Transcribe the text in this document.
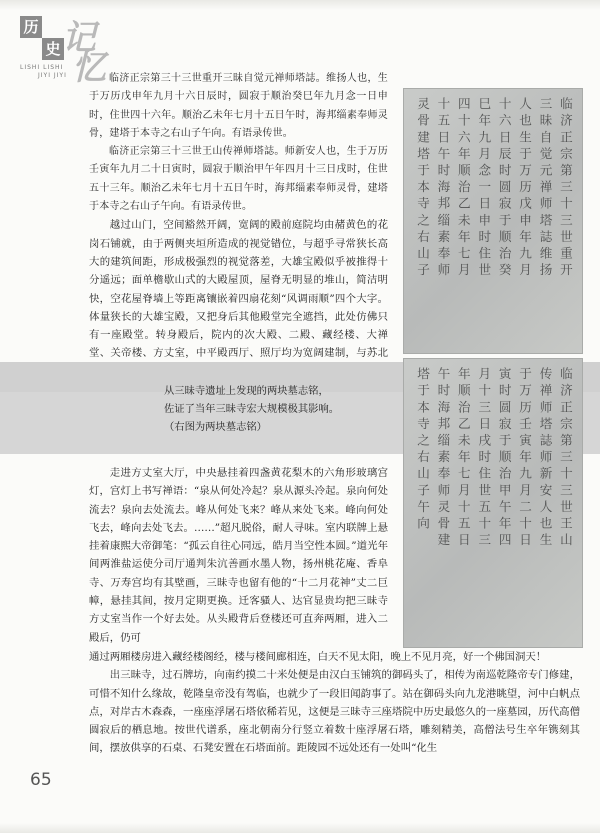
历
史 记
忆
LISHI LISHI
JIYI JIYI	临济正宗第三十三世重开三昧自觉元禅师塔誌。维扬人也，生于万历戊申年九月十六日辰时，圆寂于顺治癸巳年九月念一日申时，住世四十六年。顺治乙未年七月十五日午时，海邦缁素奉师灵骨，建塔于本寺之右山子午向。有语录传世。

临济正宗第三十三世王山传禅师塔誌。师新安人也，生于万历壬寅年九月二十日寅时，圆寂于顺治甲午年四月十三日戌时，住世五十三年。顺治乙未年七月十五日午时，海邦缁素奉师灵骨，建塔于本寺之右山子午向。有语录传世。

越过山门，空间豁然开阔，宽阔的殿前庭院均由赭黄色的花岗石铺就，由于两侧夹垣所造成的视觉错位，与超乎寻常狭长高大的建筑间距，形成极强烈的视觉落差，大雄宝殿似乎被推得十分遥远；面单檐歇山式的大殿屋顶，屋脊无明显的堆山，简洁明快，空花屋脊墙上等距离镶嵌着四扇花刻“风调雨顺”四个大字。体量狭长的大雄宝殿，又把身后其他殿堂完全遮挡，此处仿佛只有一座殿堂。转身殿后，院内的次大殿、二殿、藏经楼、大禅堂、关帝楼、方丈室，中平殿西厅、照厅均为宽阔建制，与苏北

临济正宗第三十三世重开
三昧自觉元禅师塔誌维扬
人也生于万历戊申年九月
十六日辰时圆寂于顺治癸
巳年九月念一日申时住世
四十六年顺治乙未年七月
十五日午时海邦缁素奉师
灵骨建塔于本寺之右山子
从三昧寺遗址上发现的两块墓志铭，
佐证了当年三昧寺宏大规模极其影响。
（右图为两块墓志铭）	临济正宗第三十三世王山
传禅师塔誌师新安人也生
于万历壬寅年九月二十日
寅时圆寂于顺治甲午年四
月十三日戌时住世五十三
年顺治乙未年七月十五日
午时海邦缁素奉师灵骨建
塔于本寺之右山子午向

走进方丈室大厅，中央悬挂着四盏黄花梨木的六角形玻璃宫灯，宫灯上书写禅语：“泉从何处冷起？泉从源头冷起。泉向何处流去？泉向去处流去。峰从何处飞来？峰从来处飞来。峰向何处飞去，峰向去处飞去。……”超凡脱俗，耐人寻味。室内联牌上悬挂着康熙大帝御笔：“孤云自往心同远，皓月当空性本圆。”道光年间两淮盐运使分司厅通判朱沆善画水墨人物，扬州桃花庵、香阜寺、万寿宫均有其壁画，三昧寺也留有他的“十二月花神”丈二巨幛，悬挂其间，按月定期更换。迁客骚人、达官显贵均把三昧寺方丈室当作一个好去处。从头殿背后登楼还可直奔两厢，进入二殿后，仍可

通过两厢楼房进入藏经楼阁经，楼与楼间廊相连，白天不见太阳，晚上不见月亮，好一个佛国洞天！

出三昧寺，过石牌坊，向南约摸二十米处便是由汉白玉铺筑的御码头了，相传为南巡乾隆帝专门修建，可惜不知什么缘故，乾隆皇帝没有驾临，也就少了一段旧闻韵事了。站在御码头向九龙港眺望，河中白帆点点，对岸古木森森，一座座浮屠石塔依稀若见，这便是三昧寺三座塔院中历史最悠久的一座墓园，历代高僧圆寂后的栖息地。按世代谱系，座北朝南分行竖立着数十座浮屠石塔，雕刻精美，高僧法号生卒年镌刻其间，摆放供享的石桌、石凳安置在石塔面前。距陵园不远处还有一处叫“化生

65
